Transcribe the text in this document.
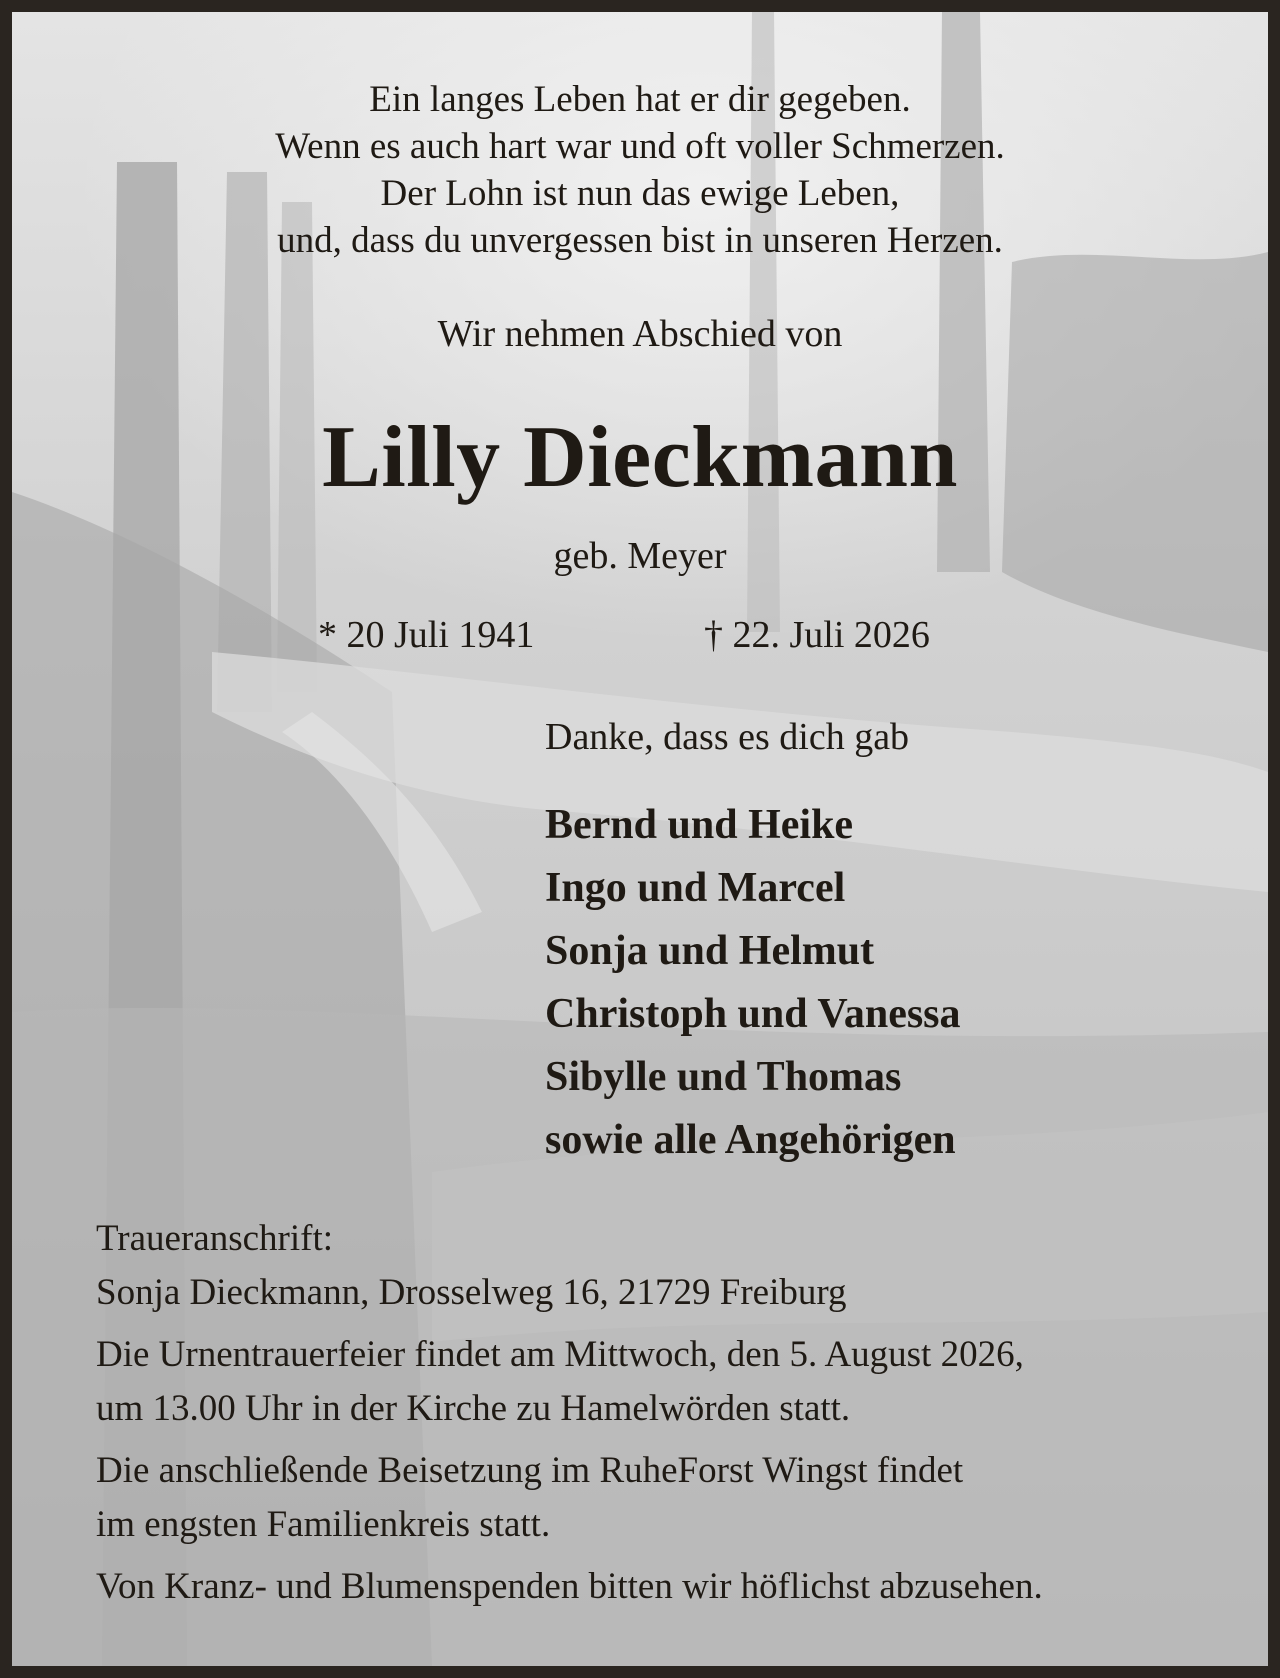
Ein langes Leben hat er dir gegeben.
Wenn es auch hart war und oft voller Schmerzen.
Der Lohn ist nun das ewige Leben,
und, dass du unvergessen bist in unseren Herzen.
Wir nehmen Abschied von
Lilly Dieckmann
geb. Meyer
* 20 Juli 1941	† 22. Juli 2026
Danke, dass es dich gab
Bernd und Heike
Ingo und Marcel
Sonja und Helmut
Christoph und Vanessa
Sibylle und Thomas
sowie alle Angehörigen
Traueranschrift:
Sonja Dieckmann, Drosselweg 16, 21729 Freiburg
Die Urnentrauerfeier findet am Mittwoch, den 5. August 2026,
um 13.00 Uhr in der Kirche zu Hamelwörden statt.
Die anschließende Beisetzung im RuheForst Wingst findet
im engsten Familienkreis statt.
Von Kranz- und Blumenspenden bitten wir höflichst abzusehen.
